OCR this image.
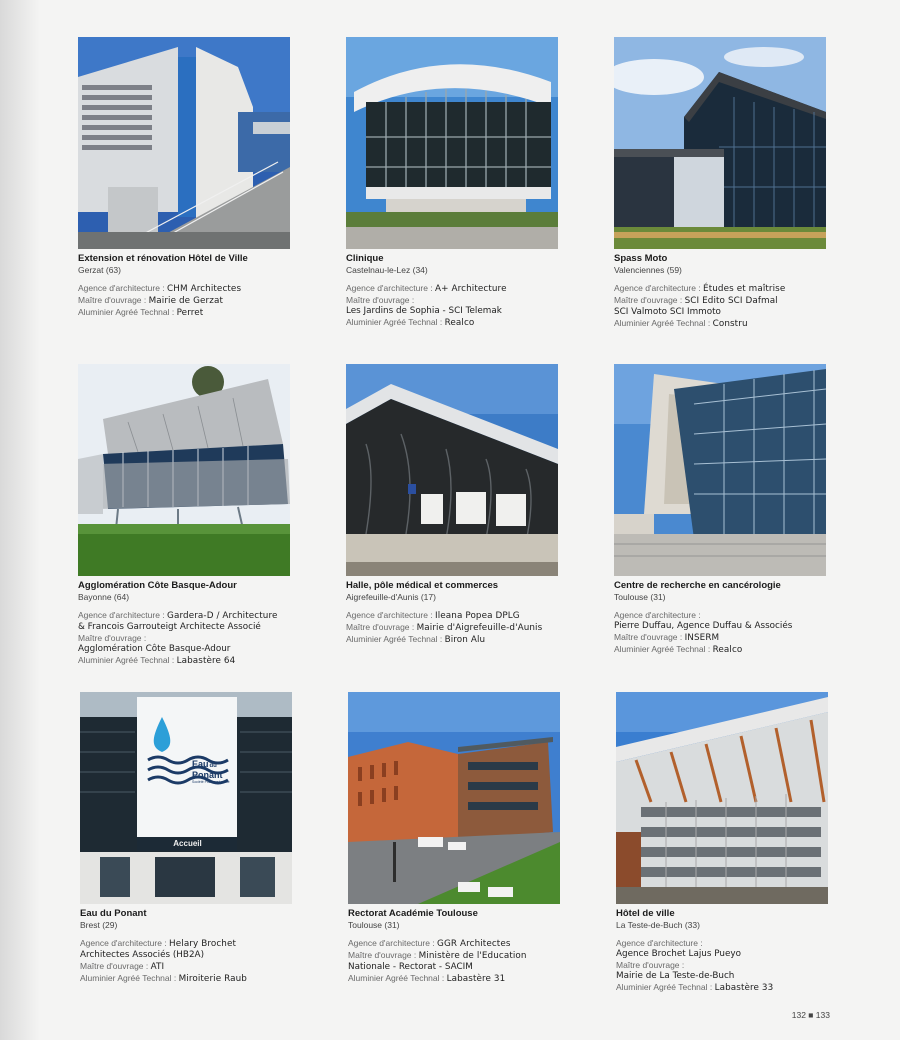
Extension et rénovation Hôtel de Ville
Gerzat (63)
Agence d'architecture : CHM Architectes
Maître d'ouvrage : Mairie de Gerzat
Aluminier Agréé Technal : Perret
Clinique
Castelnau-le-Lez (34)
Agence d'architecture : A+ Architecture
Maître d'ouvrage :
Les Jardins de Sophia - SCI Telemak
Aluminier Agréé Technal : Realco
Spass Moto
Valenciennes (59)
Agence d'architecture : Études et maîtrise
Maître d'ouvrage : SCI Edito SCI Dafmal
SCI Valmoto SCI Immoto
Aluminier Agréé Technal : Constru
Agglomération Côte Basque-Adour
Bayonne (64)
Agence d'architecture : Gardera-D / Architecture
& Francois Garrouteigt Architecte Associé
Maître d'ouvrage :
Agglomération Côte Basque-Adour
Aluminier Agréé Technal : Labastère 64
Halle, pôle médical et commerces
Aigrefeuille-d'Aunis (17)
Agence d'architecture : Ileana Popea DPLG
Maître d'ouvrage : Mairie d'Aigrefeuille-d'Aunis
Aluminier Agréé Technal : Biron Alu
Centre de recherche en cancérologie
Toulouse (31)
Agence d'architecture :
Pierre Duffau, Agence Duffau & Associés
Maître d'ouvrage : INSERM
Aluminier Agréé Technal : Realco
Eaudu
Ponant
Société Publique Locale
Accueil
Eau du Ponant
Brest (29)
Agence d'architecture : Helary Brochet
Architectes Associés (HB2A)
Maître d'ouvrage : ATI
Aluminier Agréé Technal : Miroiterie Raub
Rectorat Académie Toulouse
Toulouse (31)
Agence d'architecture : GGR Architectes
Maître d'ouvrage : Ministère de l'Education
Nationale - Rectorat - SACIM
Aluminier Agréé Technal : Labastère 31
Hôtel de ville
La Teste-de-Buch (33)
Agence d'architecture :
Agence Brochet Lajus Pueyo
Maître d'ouvrage :
Mairie de La Teste-de-Buch
Aluminier Agréé Technal : Labastère 33
132 ■ 133
